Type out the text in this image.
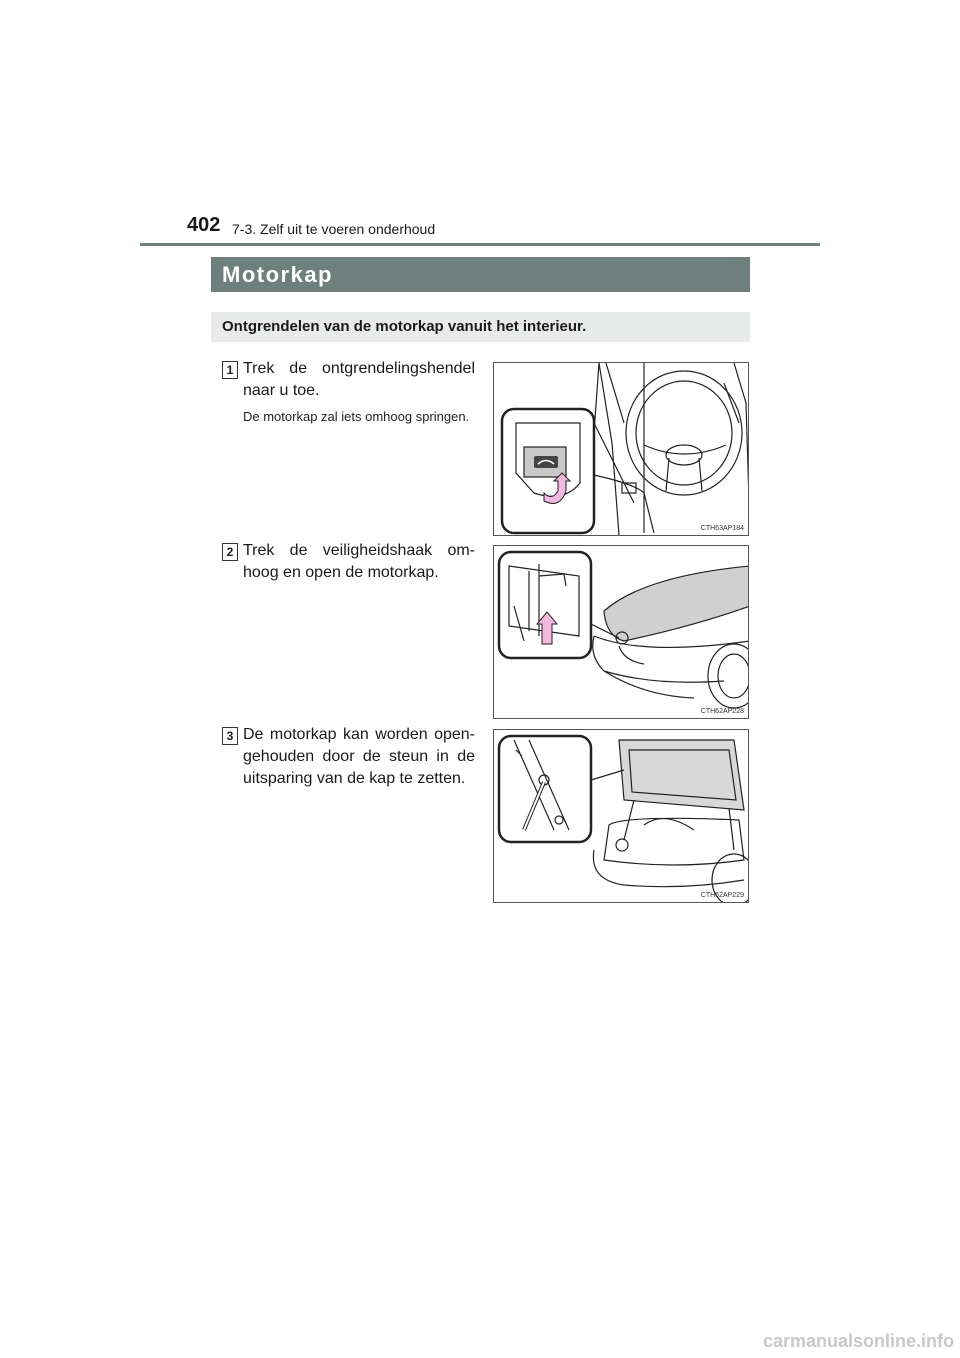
402 7-3. Zelf uit te voeren onderhoud
Motorkap
Ontgrendelen van de motorkap vanuit het interieur.
1 Trek de ontgrendelingshendel naar u toe.
De motorkap zal iets omhoog springen.
CTH63AP184
2 Trek de veiligheidshaak om-hoog en open de motorkap.
CTH62AP228
3 De motorkap kan worden open-gehouden door de steun in de uitsparing van de kap te zetten.
CTH62AP229
carmanualsonline.info
